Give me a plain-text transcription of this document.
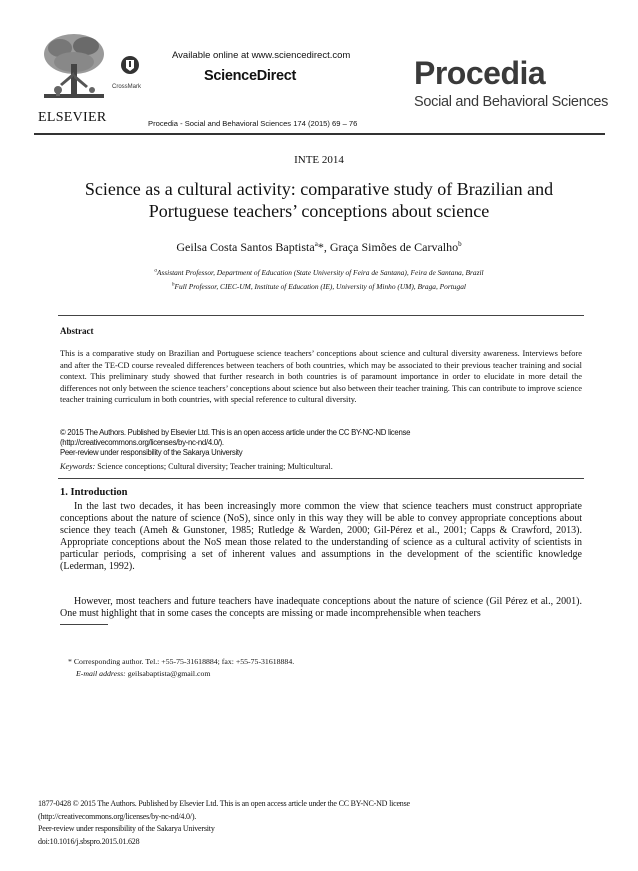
ELSEVIER
CrossMark
Available online at www.sciencedirect.com
ScienceDirect	Procedia
Social and Behavioral Sciences
Procedia - Social and Behavioral Sciences 174 (2015) 69 – 76
INTE 2014
Science as a cultural activity: comparative study of Brazilian and
Portuguese teachers’ conceptions about science
Geilsa Costa Santos Baptista$^a$*, Graça Simões de Carvalho$^b$
$^a$Assistant Professor, Department of Education (State University of Feira de Santana), Feira de Santana, Brazil
$^b$Full Professor, CIEC-UM, Institute of Education (IE), University of Minho (UM), Braga, Portugal
Abstract
This is a comparative study on Brazilian and Portuguese science teachers’ conceptions about science and cultural diversity awareness. Interviews before and after the TE-CD course revealed differences between teachers of both countries, which may be associated to their previous teacher training and social context. This preliminary study showed that further research in both countries is of paramount importance in order to elucidate in more detail the differences not only between the science teachers’ conceptions about science but also between their teacher training. This can contribute to improve science teacher training curriculum in both countries, with special reference to cultural diversity.
© 2015 The Authors. Published by Elsevier Ltd. This is an open access article under the CC BY-NC-ND license
(http://creativecommons.org/licenses/by-nc-nd/4.0/).
Peer-review under responsibility of the Sakarya University
Keywords: Science conceptions; Cultural diversity; Teacher training; Multicultural.
1. Introduction
In the last two decades, it has been increasingly more common the view that science teachers must construct appropriate conceptions about the nature of science (NoS), since only in this way they will be able to convey appropriate conceptions about science they teach (Ameh & Gunstoner, 1985; Rutledge & Warden, 2000; Gil-Pérez et al., 2001; Capps & Crawford, 2013). Appropriate conceptions about the NoS mean those related to the understanding of science as a cultural activity of scientists in particular periods, comprising a set of inherent values and assumptions in the development of the scientific knowledge (Lederman, 1992).
However, most teachers and future teachers have inadequate conceptions about the nature of science (Gil Pérez et al., 2001). One must highlight that in some cases the concepts are missing or made incomprehensible when teachers
* Corresponding author. Tel.: +55-75-31618884; fax: +55-75-31618884.
E-mail address: geilsabaptista@gmail.com
1877-0428 © 2015 The Authors. Published by Elsevier Ltd. This is an open access article under the CC BY-NC-ND license
(http://creativecommons.org/licenses/by-nc-nd/4.0/).
Peer-review under responsibility of the Sakarya University
doi:10.1016/j.sbspro.2015.01.628
